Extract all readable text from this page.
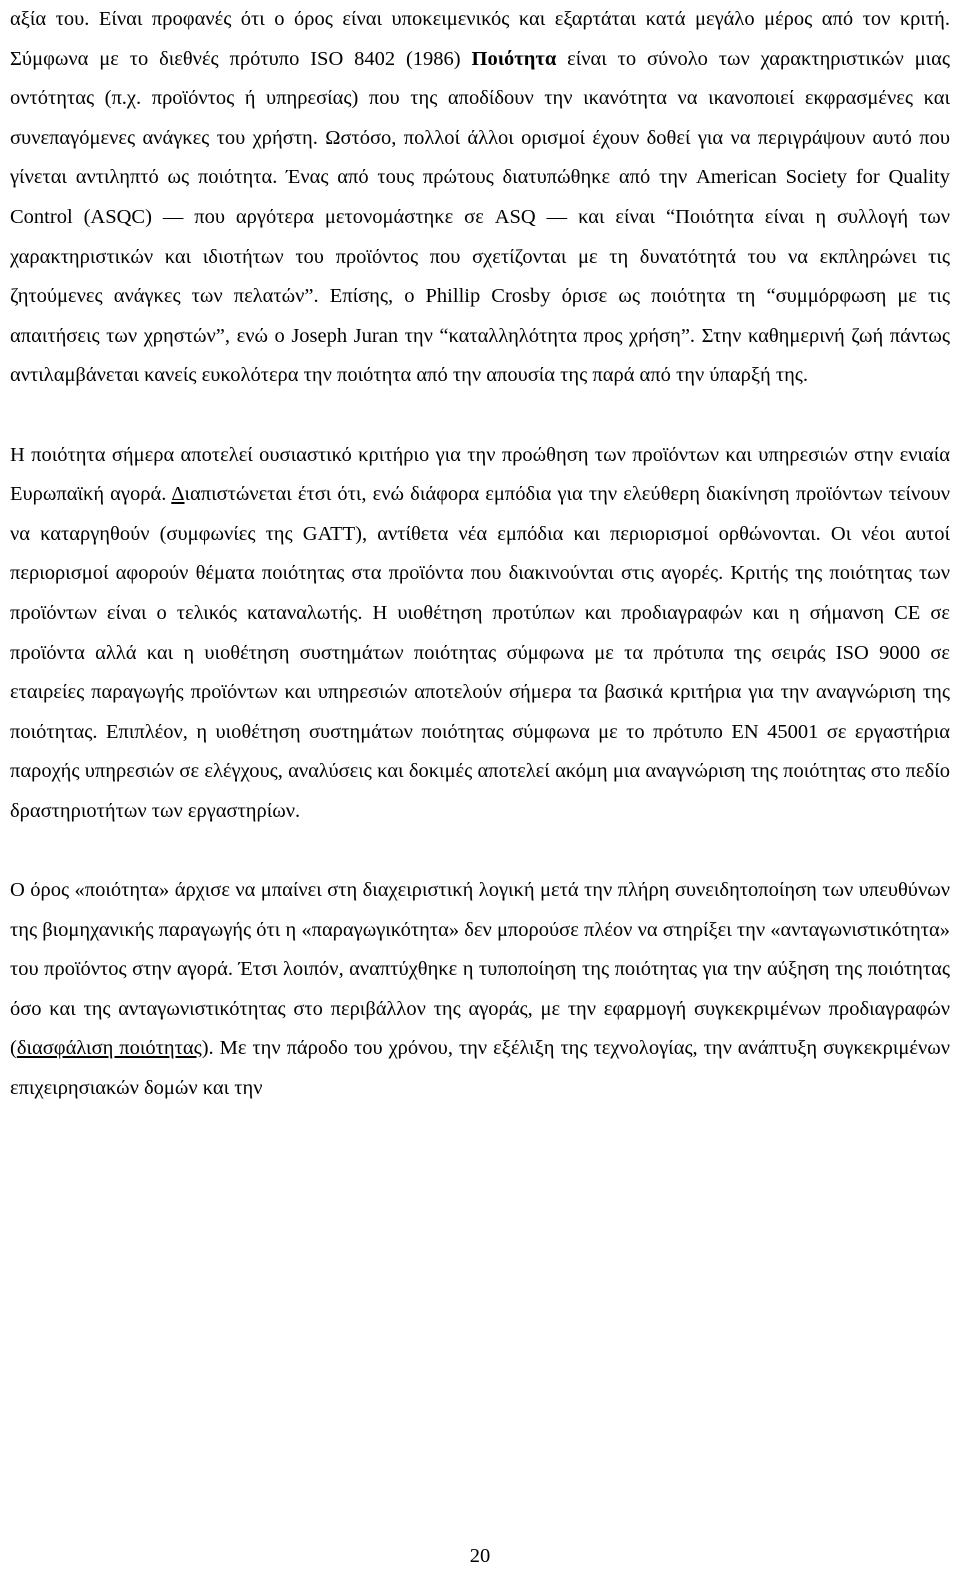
αξία του. Είναι προφανές ότι ο όρος είναι υποκειμενικός και εξαρτάται κατά μεγάλο μέρος από τον κριτή. Σύμφωνα με το διεθνές πρότυπο ISO 8402 (1986) Ποιότητα είναι το σύνολο των χαρακτηριστικών μιας οντότητας (π.χ. προϊόντος ή υπηρεσίας) που της αποδίδουν την ικανότητα να ικανοποιεί εκφρασμένες και συνεπαγόμενες ανάγκες του χρήστη. Ωστόσο, πολλοί άλλοι ορισμοί έχουν δοθεί για να περιγράψουν αυτό που γίνεται αντιληπτό ως ποιότητα. Ένας από τους πρώτους διατυπώθηκε από την American Society for Quality Control (ASQC) ― που αργότερα μετονομάστηκε σε ASQ ― και είναι “Ποιότητα είναι η συλλογή των χαρακτηριστικών και ιδιοτήτων του προϊόντος που σχετίζονται με τη δυνατότητά του να εκπληρώνει τις ζητούμενες ανάγκες των πελατών”. Επίσης, ο Phillip Crosby όρισε ως ποιότητα τη “συμμόρφωση με τις απαιτήσεις των χρηστών”, ενώ ο Joseph Juran την “καταλληλότητα προς χρήση”. Στην καθημερινή ζωή πάντως αντιλαμβάνεται κανείς ευκολότερα την ποιότητα από την απουσία της παρά από την ύπαρξή της.

Η ποιότητα σήμερα αποτελεί ουσιαστικό κριτήριο για την προώθηση των προϊόντων και υπηρεσιών στην ενιαία Ευρωπαϊκή αγορά. Διαπιστώνεται έτσι ότι, ενώ διάφορα εμπόδια για την ελεύθερη διακίνηση προϊόντων τείνουν να καταργηθούν (συμφωνίες της GATT), αντίθετα νέα εμπόδια και περιορισμοί ορθώνονται. Οι νέοι αυτοί περιορισμοί αφορούν θέματα ποιότητας στα προϊόντα που διακινούνται στις αγορές. Κριτής της ποιότητας των προϊόντων είναι ο τελικός καταναλωτής. Η υιοθέτηση προτύπων και προδιαγραφών και η σήμανση CE σε προϊόντα αλλά και η υιοθέτηση συστημάτων ποιότητας σύμφωνα με τα πρότυπα της σειράς ISO 9000 σε εταιρείες παραγωγής προϊόντων και υπηρεσιών αποτελούν σήμερα τα βασικά κριτήρια για την αναγνώριση της ποιότητας. Επιπλέον, η υιοθέτηση συστημάτων ποιότητας σύμφωνα με το πρότυπο EN 45001 σε εργαστήρια παροχής υπηρεσιών σε ελέγχους, αναλύσεις και δοκιμές αποτελεί ακόμη μια αναγνώριση της ποιότητας στο πεδίο δραστηριοτήτων των εργαστηρίων.

Ο όρος «ποιότητα» άρχισε να μπαίνει στη διαχειριστική λογική μετά την πλήρη συνειδητοποίηση των υπευθύνων της βιομηχανικής παραγωγής ότι η «παραγωγικότητα» δεν μπορούσε πλέον να στηρίξει την «ανταγωνιστικότητα» του προϊόντος στην αγορά. Έτσι λοιπόν, αναπτύχθηκε η τυποποίηση της ποιότητας για την αύξηση της ποιότητας όσο και της ανταγωνιστικότητας στο περιβάλλον της αγοράς, με την εφαρμογή συγκεκριμένων προδιαγραφών (διασφάλιση ποιότητας). Με την πάροδο του χρόνου, την εξέλιξη της τεχνολογίας, την ανάπτυξη συγκεκριμένων επιχειρησιακών δομών και την

20
